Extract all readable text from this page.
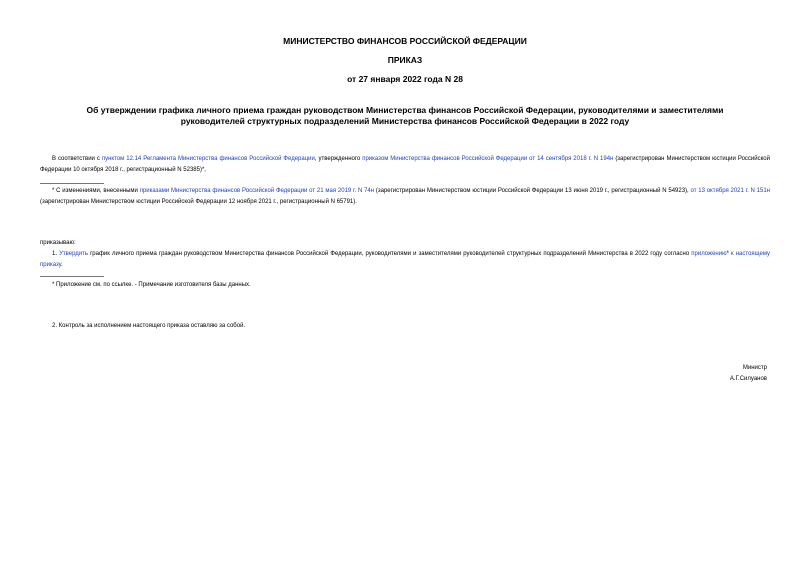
МИНИСТЕРСТВО ФИНАНСОВ РОССИЙСКОЙ ФЕДЕРАЦИИ
ПРИКАЗ
от 27 января 2022 года N 28
Об утверждении графика личного приема граждан руководством Министерства финансов Российской Федерации, руководителями и заместителями руководителей структурных подразделений Министерства финансов Российской Федерации в 2022 году
В соответствии с пунктом 12.14 Регламента Министерства финансов Российской Федерации, утвержденного приказом Министерства финансов Российской Федерации от 14 сентября 2018 г. N 194н (зарегистрирован Министерством юстиции Российской Федерации 10 октября 2018 г., регистрационный N 52385)*,
* С изменениями, внесенными приказами Министерства финансов Российской Федерации от 21 мая 2019 г. N 74н (зарегистрирован Министерством юстиции Российской Федерации 13 июня 2019 г., регистрационный N 54923), от 13 октября 2021 г. N 151н (зарегистрирован Министерством юстиции Российской Федерации 12 ноября 2021 г., регистрационный N 65791).
приказываю:
1. Утвердить график личного приема граждан руководством Министерства финансов Российской Федерации, руководителями и заместителями руководителей структурных подразделений Министерства в 2022 году согласно приложению* к настоящему приказу.
* Приложение см. по ссылке. - Примечание изготовителя базы данных.
2. Контроль за исполнением настоящего приказа оставляю за собой.
Министр
А.Г.Силуанов
